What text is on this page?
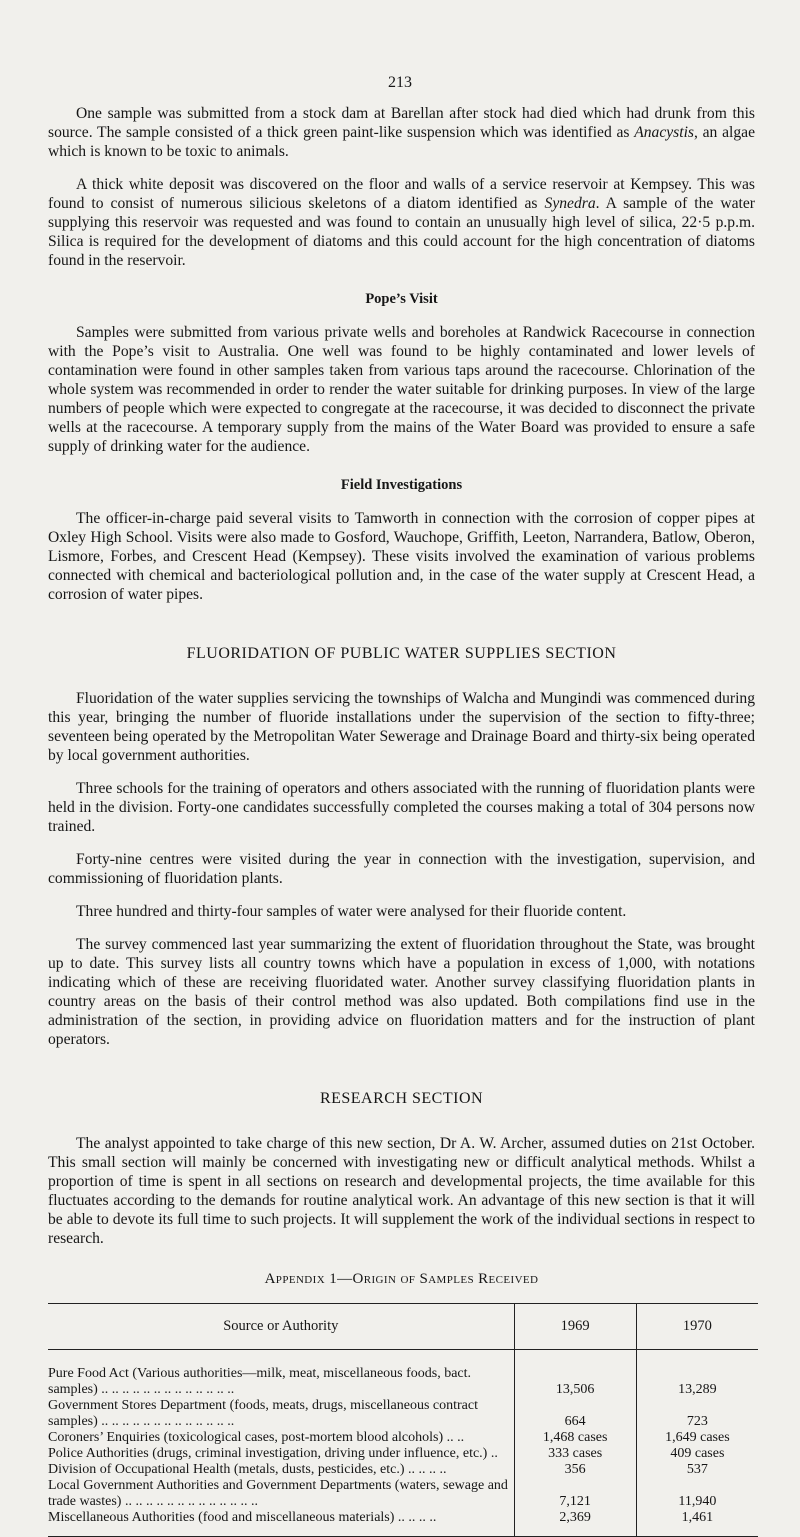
213

One sample was submitted from a stock dam at Barellan after stock had died which had drunk from this source. The sample consisted of a thick green paint-like suspension which was identified as Anacystis, an algae which is known to be toxic to animals.

A thick white deposit was discovered on the floor and walls of a service reservoir at Kempsey. This was found to consist of numerous silicious skeletons of a diatom identified as Synedra. A sample of the water supplying this reservoir was requested and was found to contain an unusually high level of silica, 22·5 p.p.m. Silica is required for the development of diatoms and this could account for the high concentration of diatoms found in the reservoir.

Pope’s Visit

Samples were submitted from various private wells and boreholes at Randwick Racecourse in connection with the Pope’s visit to Australia. One well was found to be highly contaminated and lower levels of contamination were found in other samples taken from various taps around the racecourse. Chlorination of the whole system was recommended in order to render the water suitable for drinking purposes. In view of the large numbers of people which were expected to congregate at the racecourse, it was decided to disconnect the private wells at the racecourse. A temporary supply from the mains of the Water Board was provided to ensure a safe supply of drinking water for the audience.

Field Investigations

The officer-in-charge paid several visits to Tamworth in connection with the corrosion of copper pipes at Oxley High School. Visits were also made to Gosford, Wauchope, Griffith, Leeton, Narrandera, Batlow, Oberon, Lismore, Forbes, and Crescent Head (Kempsey). These visits involved the examination of various problems connected with chemical and bacteriological pollution and, in the case of the water supply at Crescent Head, a corrosion of water pipes.

FLUORIDATION OF PUBLIC WATER SUPPLIES SECTION

Fluoridation of the water supplies servicing the townships of Walcha and Mungindi was commenced during this year, bringing the number of fluoride installations under the supervision of the section to fifty-three; seventeen being operated by the Metropolitan Water Sewerage and Drainage Board and thirty-six being operated by local government authorities.

Three schools for the training of operators and others associated with the running of fluoridation plants were held in the division. Forty-one candidates successfully completed the courses making a total of 304 persons now trained.

Forty-nine centres were visited during the year in connection with the investigation, supervision, and commissioning of fluoridation plants.

Three hundred and thirty-four samples of water were analysed for their fluoride content.

The survey commenced last year summarizing the extent of fluoridation throughout the State, was brought up to date. This survey lists all country towns which have a population in excess of 1,000, with notations indicating which of these are receiving fluoridated water. Another survey classifying fluoridation plants in country areas on the basis of their control method was also updated. Both compilations find use in the administration of the section, in providing advice on fluoridation matters and for the instruction of plant operators.

RESEARCH SECTION

The analyst appointed to take charge of this new section, Dr A. W. Archer, assumed duties on 21st October. This small section will mainly be concerned with investigating new or difficult analytical methods. Whilst a proportion of time is spent in all sections on research and developmental projects, the time available for this fluctuates according to the demands for routine analytical work. An advantage of this new section is that it will be able to devote its full time to such projects. It will supplement the work of the individual sections in respect to research.

Appendix 1—Origin of Samples Received
Source or Authority	1969	1970
Pure Food Act (Various authorities—milk, meat, miscellaneous foods, bact. samples) .. .. .. .. .. .. .. .. .. .. .. .. ..	13,506	13,289
Government Stores Department (foods, meats, drugs, miscellaneous contract samples) .. .. .. .. .. .. .. .. .. .. .. .. ..	664	723
Coroners’ Enquiries (toxicological cases, post-mortem blood alcohols) .. ..	1,468 cases	1,649 cases
Police Authorities (drugs, criminal investigation, driving under influence, etc.) ..	333 cases	409 cases
Division of Occupational Health (metals, dusts, pesticides, etc.) .. .. .. ..	356	537
Local Government Authorities and Government Departments (waters, sewage and trade wastes) .. .. .. .. .. .. .. .. .. .. .. .. ..	7,121	11,940
Miscellaneous Authorities (food and miscellaneous materials) .. .. .. ..	2,369	1,461
